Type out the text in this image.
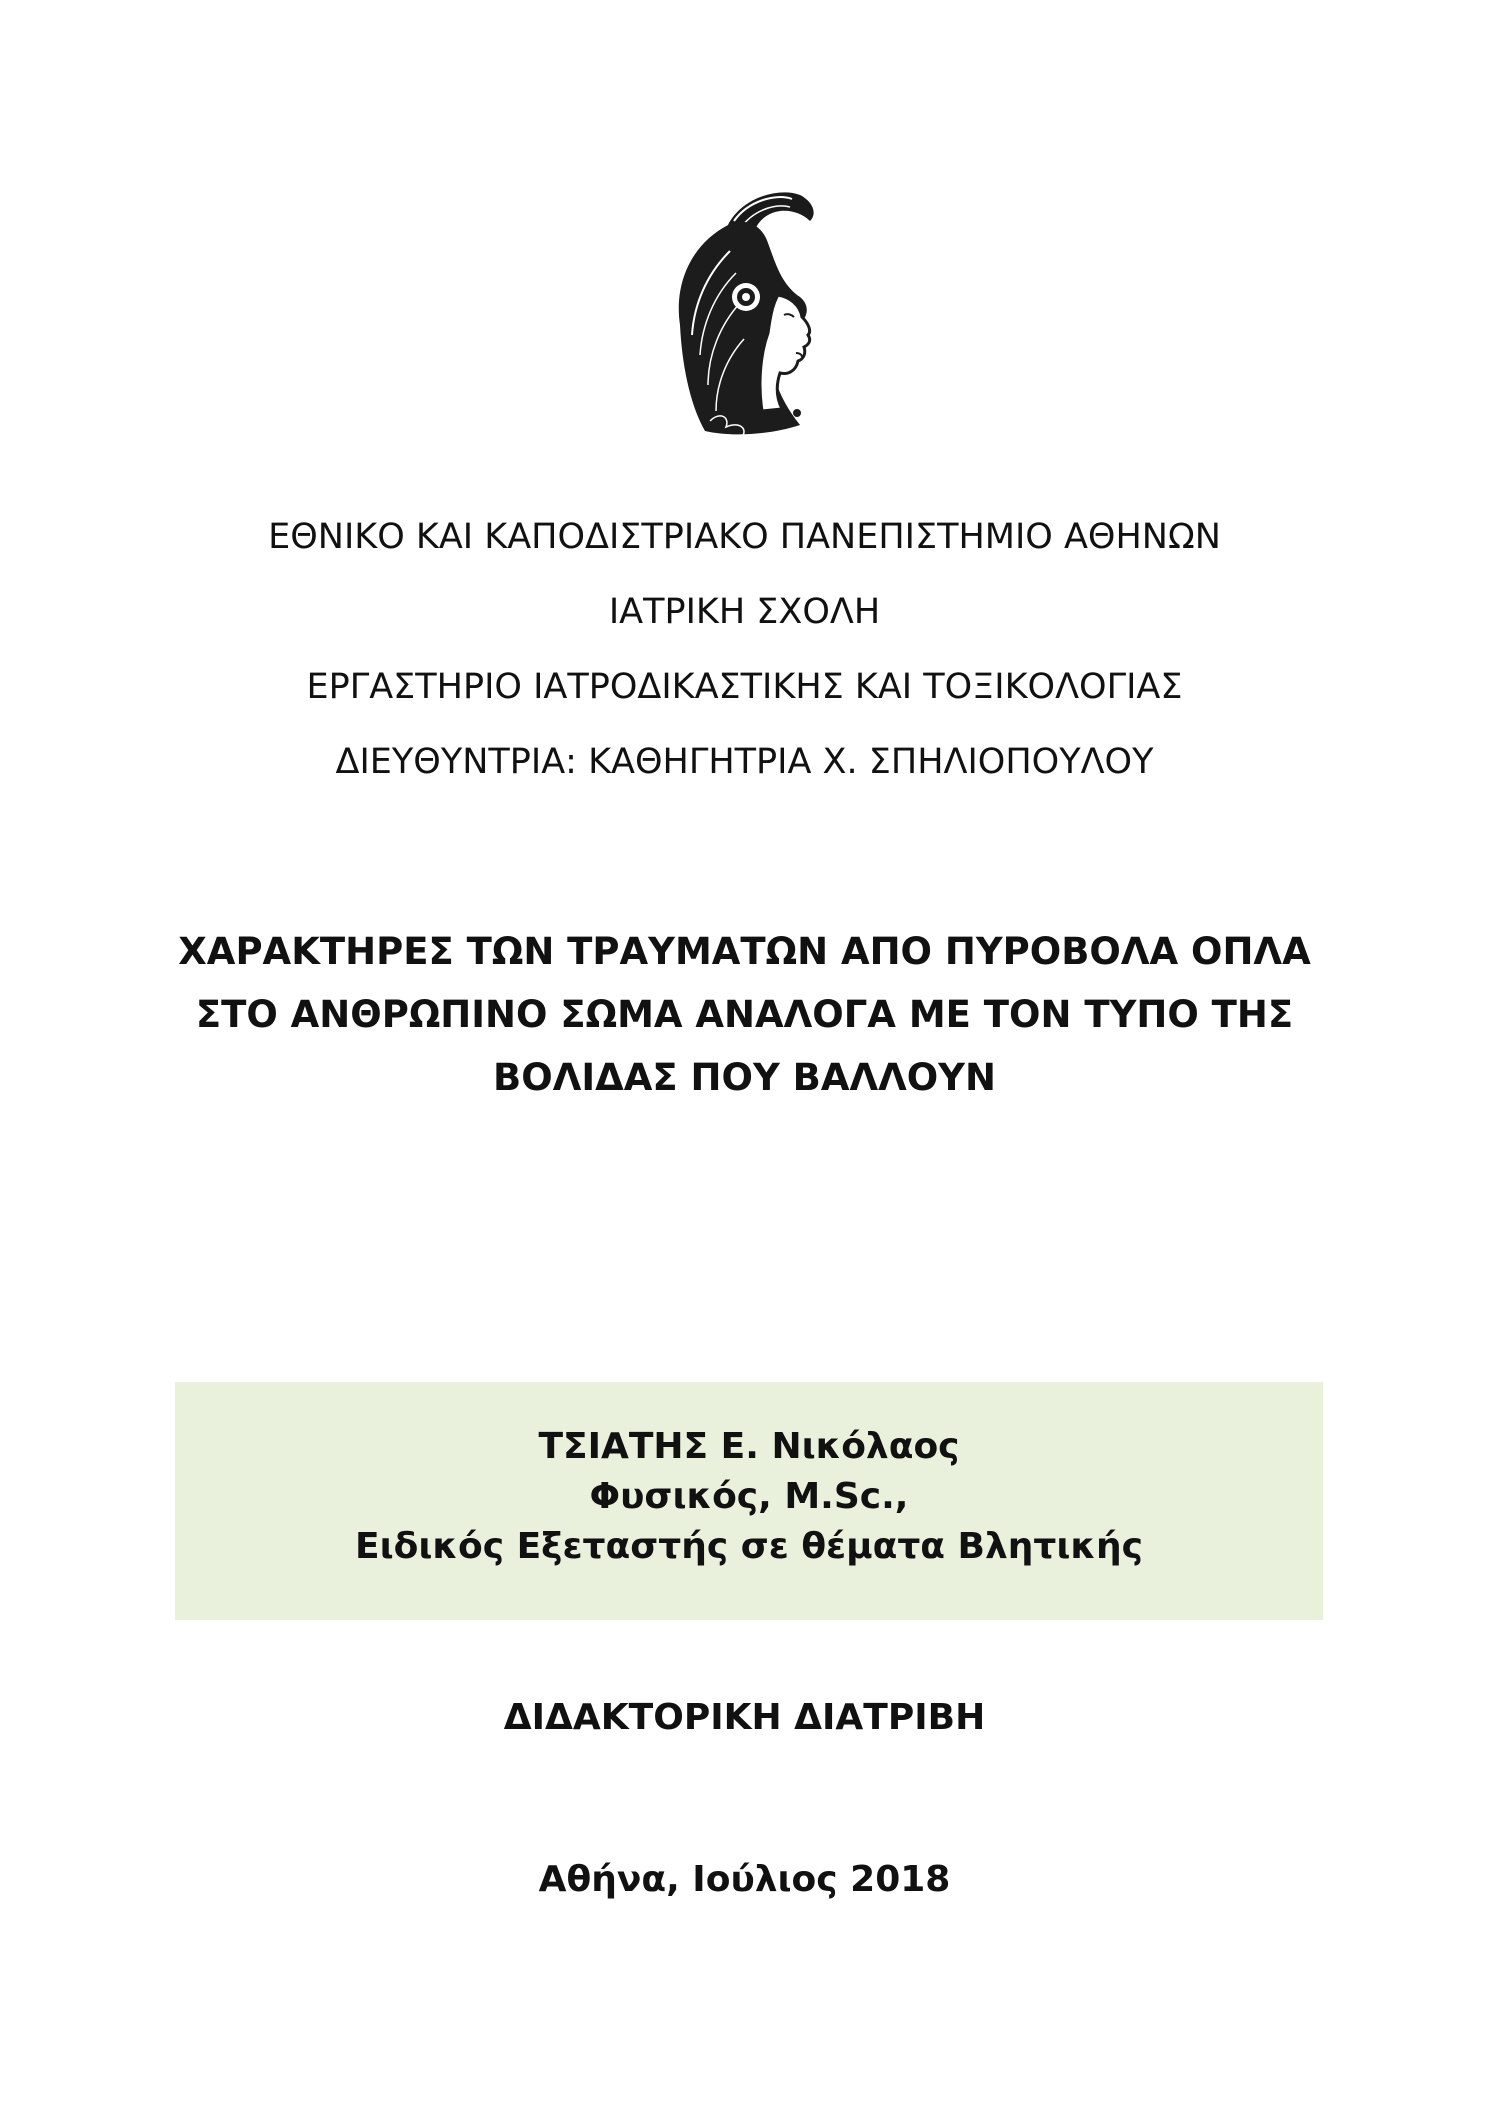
ΕΘΝΙΚΟ ΚΑΙ ΚΑΠΟΔΙΣΤΡΙΑΚΟ ΠΑΝΕΠΙΣΤΗΜΙΟ ΑΘΗΝΩΝ
ΙΑΤΡΙΚΗ ΣΧΟΛΗ
ΕΡΓΑΣΤΗΡΙΟ ΙΑΤΡΟΔΙΚΑΣΤΙΚΗΣ ΚΑΙ ΤΟΞΙΚΟΛΟΓΙΑΣ
ΔΙΕΥΘΥΝΤΡΙΑ: ΚΑΘΗΓΗΤΡΙΑ Χ. ΣΠΗΛΙΟΠΟΥΛΟΥ
ΧΑΡΑΚΤΗΡΕΣ ΤΩΝ ΤΡΑΥΜΑΤΩΝ ΑΠΟ ΠΥΡΟΒΟΛΑ ΟΠΛΑ
ΣΤΟ ΑΝΘΡΩΠΙΝΟ ΣΩΜΑ ΑΝΑΛΟΓΑ ΜΕ ΤΟΝ ΤΥΠΟ ΤΗΣ
ΒΟΛΙΔΑΣ ΠΟΥ ΒΑΛΛΟΥΝ
ΤΣΙΑΤΗΣ Ε. Νικόλαος
Φυσικός, M.Sc.,
Ειδικός Εξεταστής σε θέματα Βλητικής
ΔΙΔΑΚΤΟΡΙΚΗ ΔΙΑΤΡΙΒΗ
Αθήνα, Ιούλιος 2018
